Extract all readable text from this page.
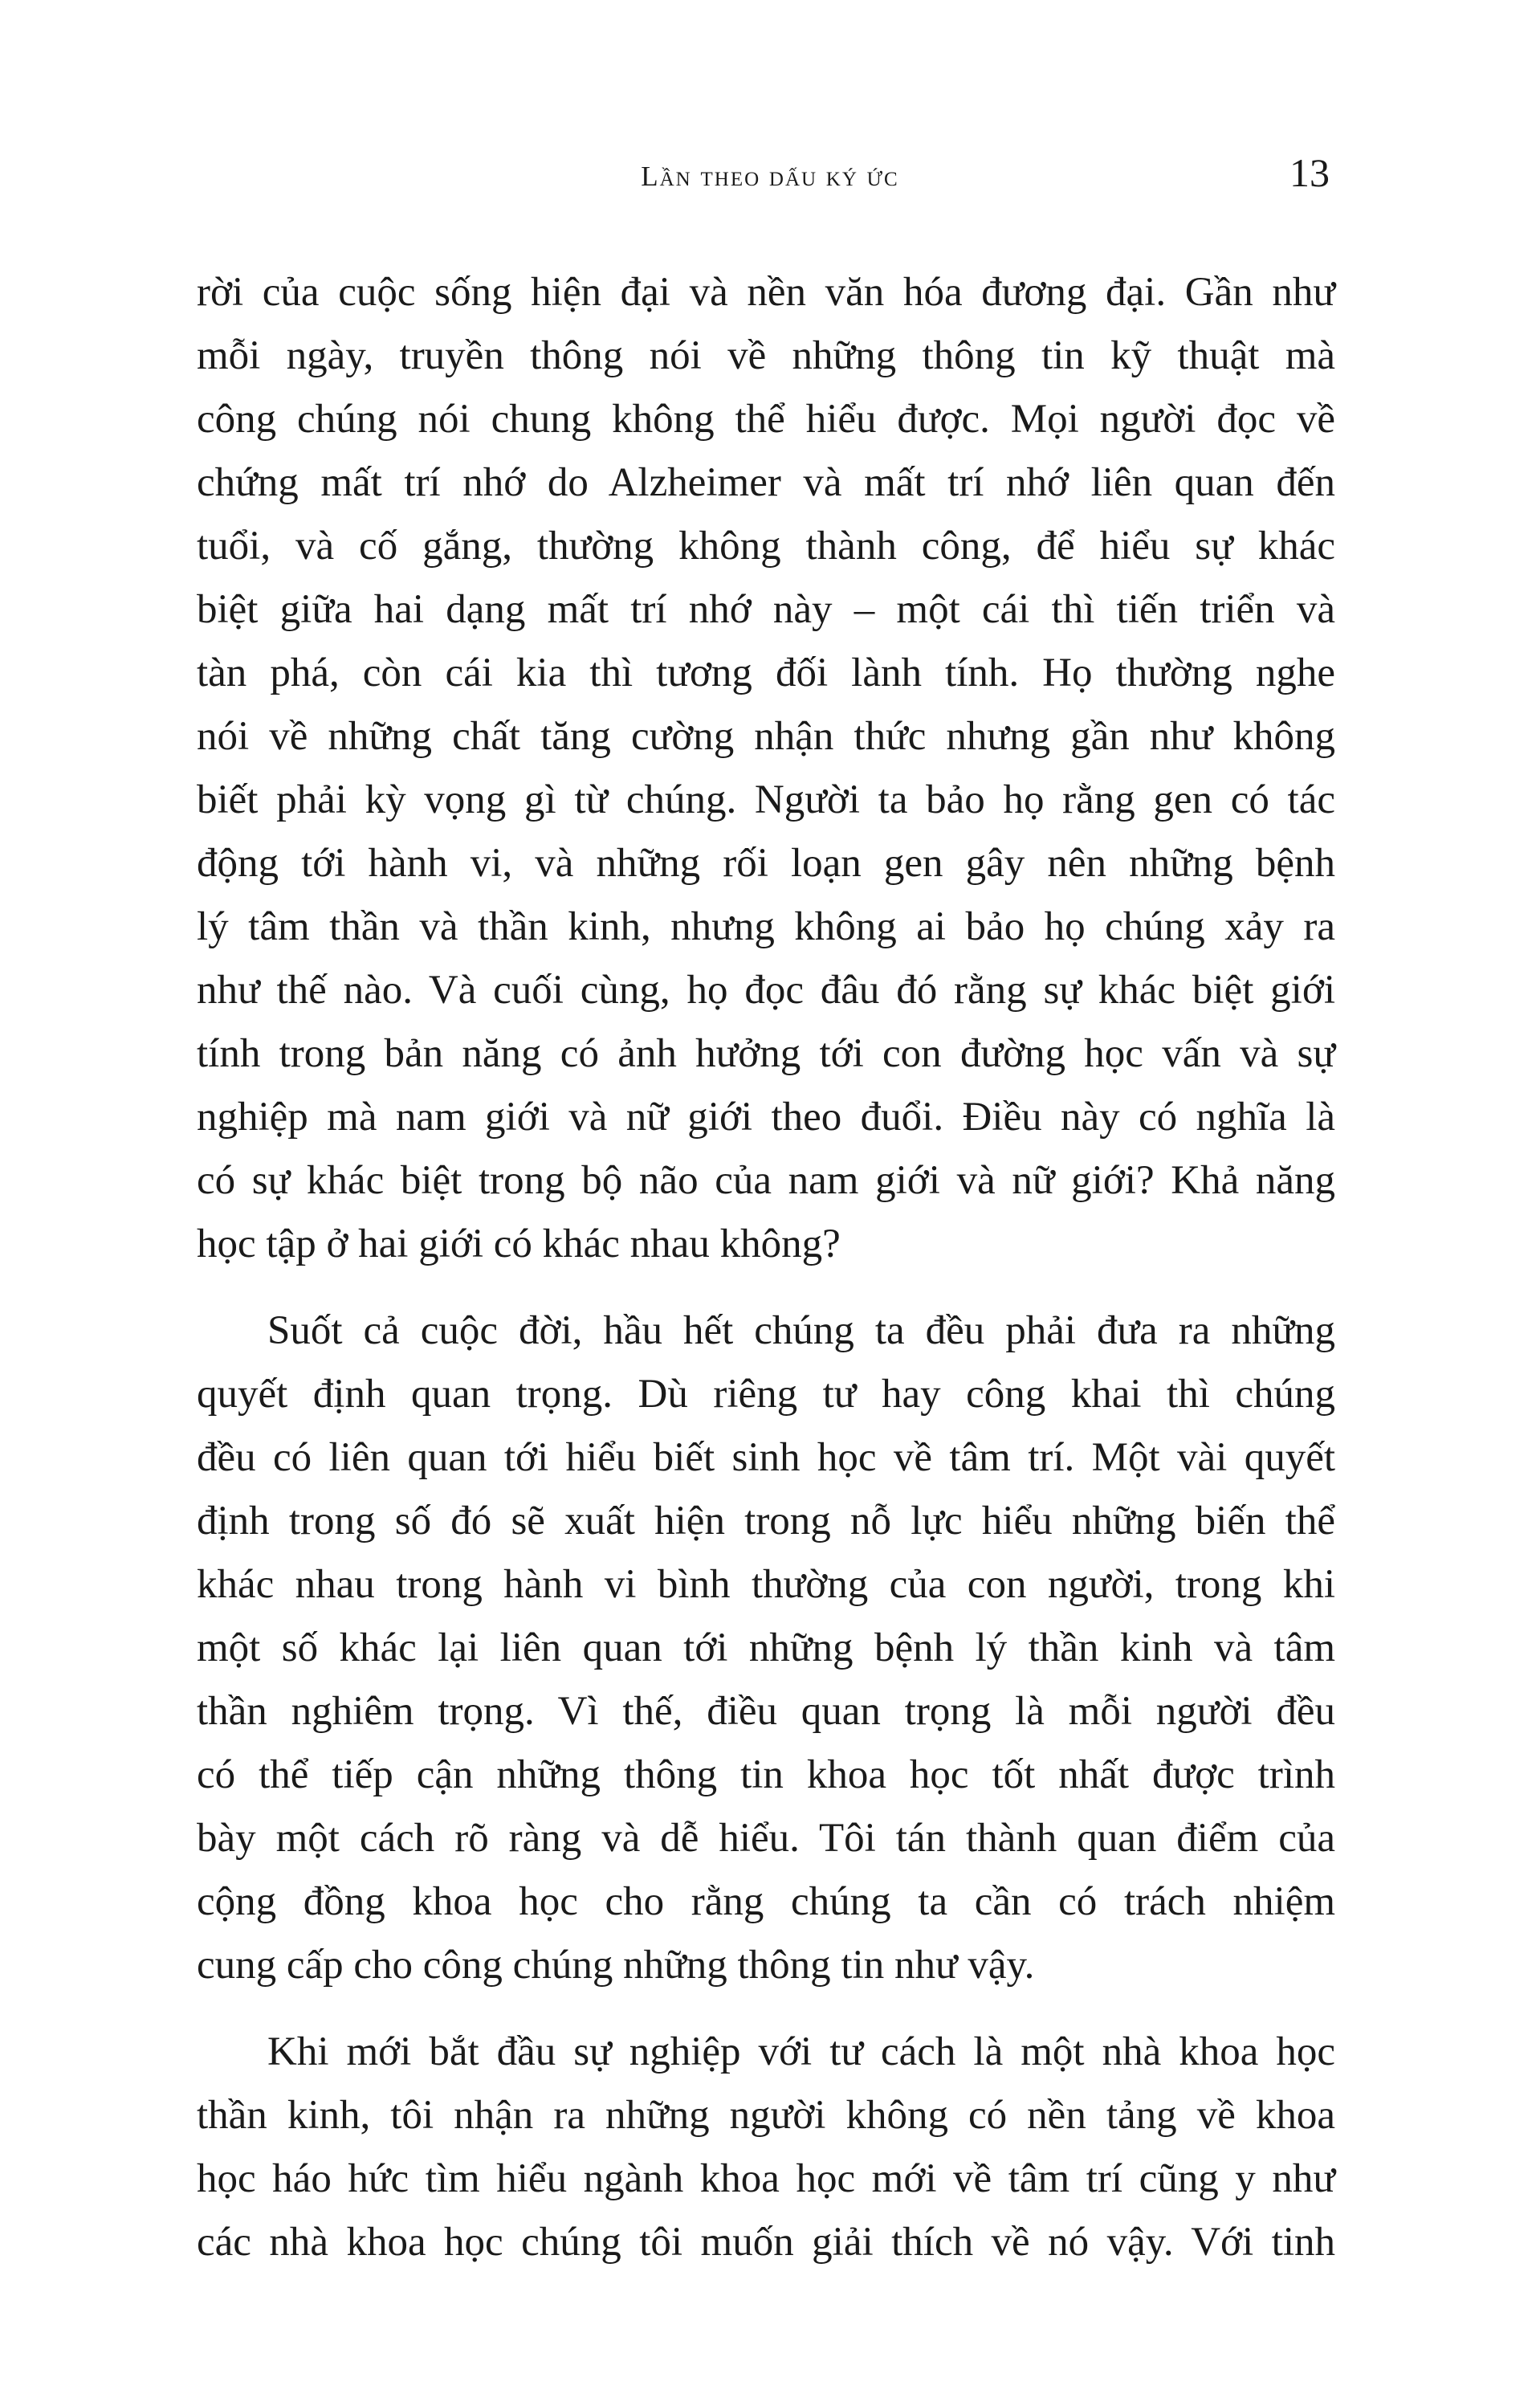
Lần theo dấu ký ức	13

rời của cuộc sống hiện đại và nền văn hóa đương đại. Gần như
mỗi ngày, truyền thông nói về những thông tin kỹ thuật mà
công chúng nói chung không thể hiểu được. Mọi người đọc về
chứng mất trí nhớ do Alzheimer và mất trí nhớ liên quan đến
tuổi, và cố gắng, thường không thành công, để hiểu sự khác
biệt giữa hai dạng mất trí nhớ này – một cái thì tiến triển và
tàn phá, còn cái kia thì tương đối lành tính. Họ thường nghe
nói về những chất tăng cường nhận thức nhưng gần như không
biết phải kỳ vọng gì từ chúng. Người ta bảo họ rằng gen có tác
động tới hành vi, và những rối loạn gen gây nên những bệnh
lý tâm thần và thần kinh, nhưng không ai bảo họ chúng xảy ra
như thế nào. Và cuối cùng, họ đọc đâu đó rằng sự khác biệt giới
tính trong bản năng có ảnh hưởng tới con đường học vấn và sự
nghiệp mà nam giới và nữ giới theo đuổi. Điều này có nghĩa là
có sự khác biệt trong bộ não của nam giới và nữ giới? Khả năng
học tập ở hai giới có khác nhau không?

Suốt cả cuộc đời, hầu hết chúng ta đều phải đưa ra những
quyết định quan trọng. Dù riêng tư hay công khai thì chúng
đều có liên quan tới hiểu biết sinh học về tâm trí. Một vài quyết
định trong số đó sẽ xuất hiện trong nỗ lực hiểu những biến thể
khác nhau trong hành vi bình thường của con người, trong khi
một số khác lại liên quan tới những bệnh lý thần kinh và tâm
thần nghiêm trọng. Vì thế, điều quan trọng là mỗi người đều
có thể tiếp cận những thông tin khoa học tốt nhất được trình
bày một cách rõ ràng và dễ hiểu. Tôi tán thành quan điểm của
cộng đồng khoa học cho rằng chúng ta cần có trách nhiệm
cung cấp cho công chúng những thông tin như vậy.

Khi mới bắt đầu sự nghiệp với tư cách là một nhà khoa học
thần kinh, tôi nhận ra những người không có nền tảng về khoa
học háo hức tìm hiểu ngành khoa học mới về tâm trí cũng y như
các nhà khoa học chúng tôi muốn giải thích về nó vậy. Với tinh
